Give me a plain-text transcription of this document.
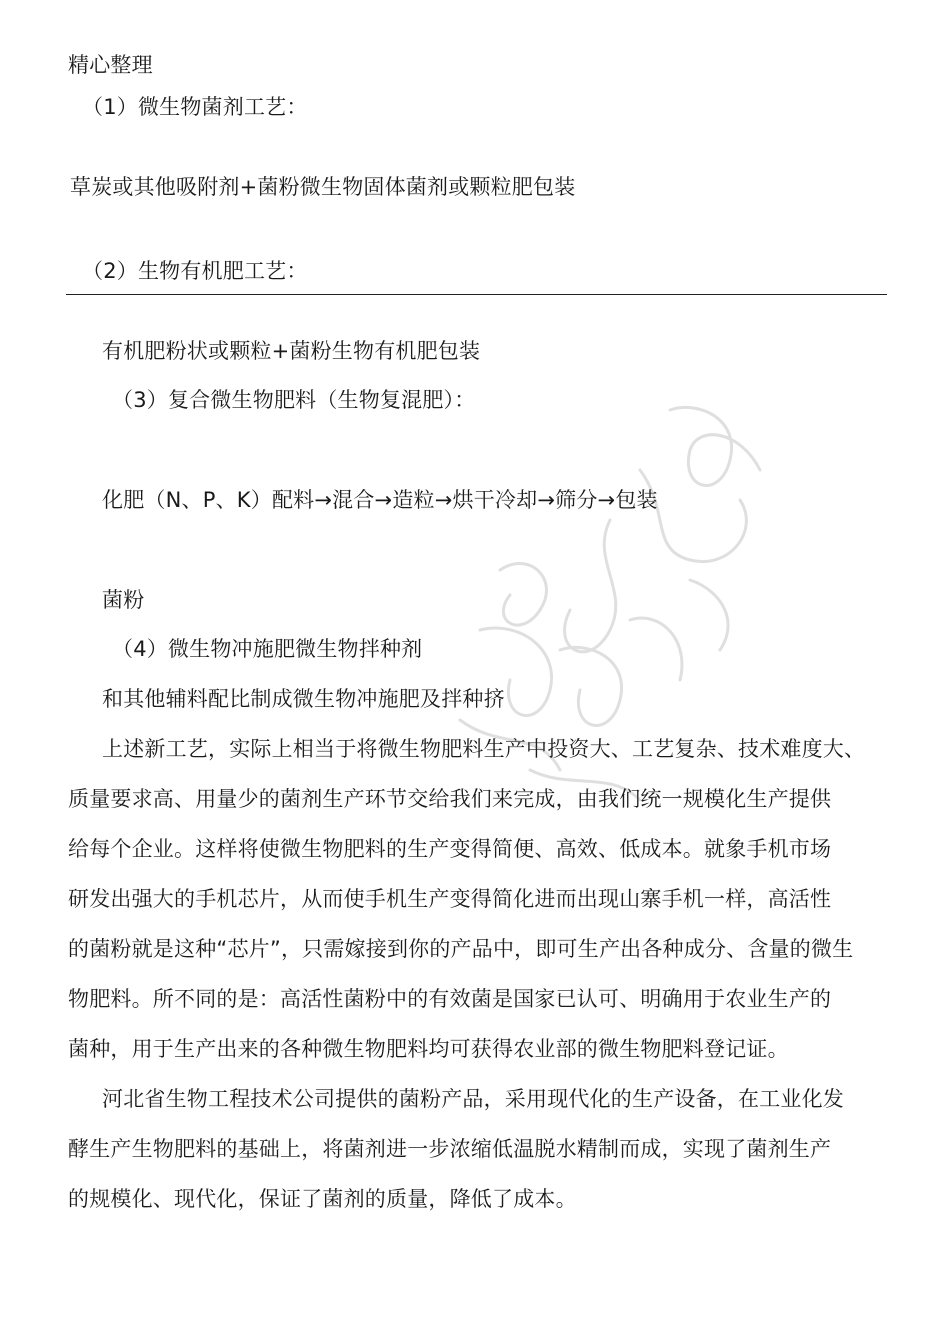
精心整理
（1）微生物菌剂工艺：
草炭或其他吸附剂+菌粉微生物固体菌剂或颗粒肥包装
（2）生物有机肥工艺：
有机肥粉状或颗粒+菌粉生物有机肥包装
（3）复合微生物肥料（生物复混肥）：
化肥（N、P、K）配料→混合→造粒→烘干冷却→筛分→包装
菌粉
（4）微生物冲施肥微生物拌种剂
和其他辅料配比制成微生物冲施肥及拌种挤
上述新工艺，实际上相当于将微生物肥料生产中投资大、工艺复杂、技术难度大、
质量要求高、用量少的菌剂生产环节交给我们来完成，由我们统一规模化生产提供
给每个企业。这样将使微生物肥料的生产变得简便、高效、低成本。就象手机市场
研发出强大的手机芯片，从而使手机生产变得简化进而出现山寨手机一样，高活性
的菌粉就是这种“芯片”，只需嫁接到你的产品中，即可生产出各种成分、含量的微生
物肥料。所不同的是：高活性菌粉中的有效菌是国家已认可、明确用于农业生产的
菌种，用于生产出来的各种微生物肥料均可获得农业部的微生物肥料登记证。
河北省生物工程技术公司提供的菌粉产品，采用现代化的生产设备，在工业化发
酵生产生物肥料的基础上，将菌剂进一步浓缩低温脱水精制而成，实现了菌剂生产
的规模化、现代化，保证了菌剂的质量，降低了成本。
